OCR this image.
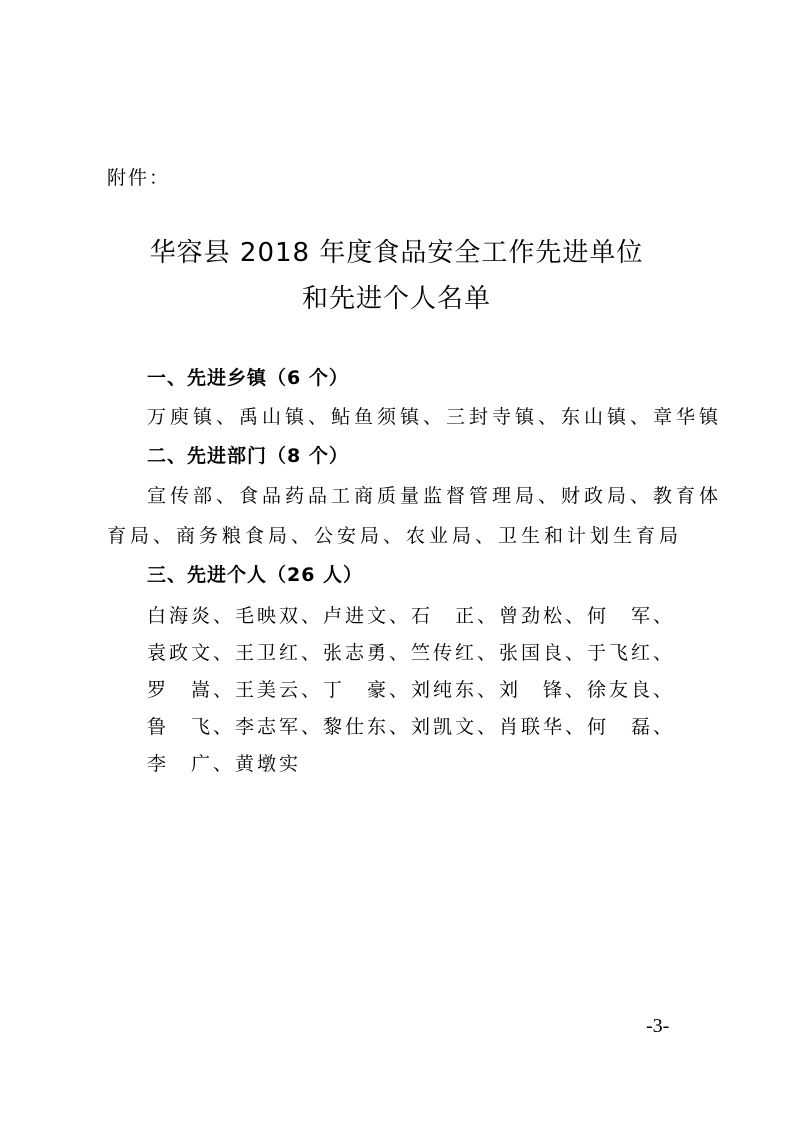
附件：
华容县 2018 年度食品安全工作先进单位
和先进个人名单
一、先进乡镇（6 个）
万庾镇、禹山镇、鲇鱼须镇、三封寺镇、东山镇、章华镇
二、先进部门（8 个）
宣传部、食品药品工商质量监督管理局、财政局、教育体
育局、商务粮食局、公安局、农业局、卫生和计划生育局
三、先进个人（26 人）
白海炎、毛映双、卢进文、石　正、曾劲松、何　军、
袁政文、王卫红、张志勇、竺传红、张国良、于飞红、
罗　嵩、王美云、丁　豪、刘纯东、刘　锋、徐友良、
鲁　飞、李志军、黎仕东、刘凯文、肖联华、何　磊、
李　广、黄墩实
-3-
